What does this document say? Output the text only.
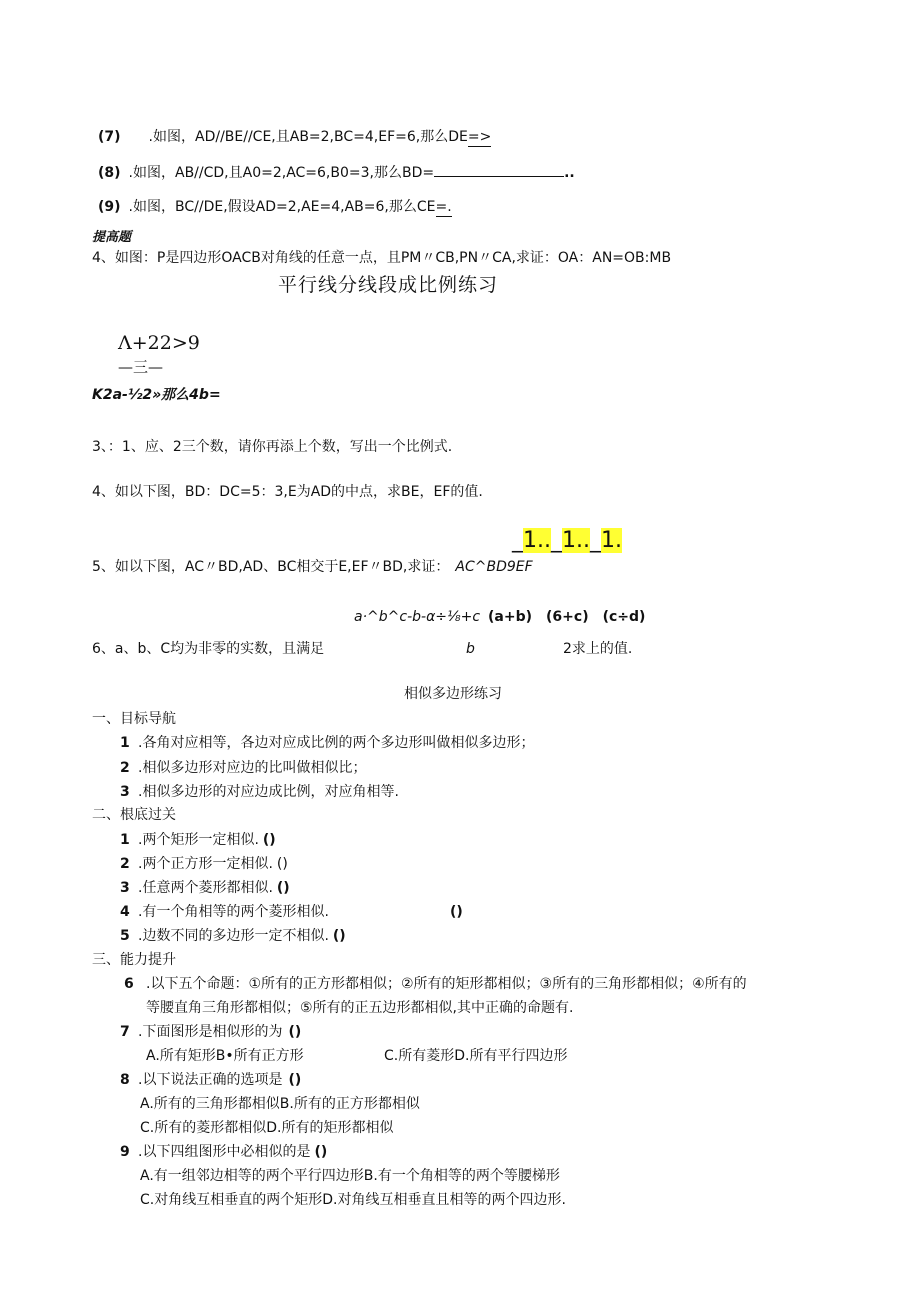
(7) .如图，AD//BE//CE,且AB=2,BC=4,EF=6,那么DE=>
(8) .如图，AB//CD,且A0=2,AC=6,B0=3,那么BD=	..
(9) .如图，BC//DE,假设AD=2,AE=4,AB=6,那么CE=.
提高题
4、如图：P是四边形OACB对角线的任意一点，且PM〃CB,PN〃CA,求证：OA：AN=OB:MB
平行线分线段成比例练习
Λ+22>9
—三—
K2a-½2»那么4b=
3、：1、应、2三个数，请你再添上个数，写出一个比例式.
4、如以下图，BD：DC=5：3,E为AD的中点，求BE，EF的值.
_1.._1.._1.
5、如以下图，AC〃BD,AD、BC相交于E,EF〃BD,求证： AC^BD9EF
a·^b^c-b-α÷⅛+c (a+b)　(6+c)　(c÷d)
6、a、b、C均为非零的实数，且满足	b	2求上的值.
相似多边形练习
一、目标导航
1 .各角对应相等，各边对应成比例的两个多边形叫做相似多边形；
2 .相似多边形对应边的比叫做相似比；
3 .相似多边形的对应边成比例，对应角相等.
二、根底过关
1 .两个矩形一定相似. ()
2 .两个正方形一定相似. ()
3 .任意两个菱形都相似. ()
4 .有一个角相等的两个菱形相似.	()
5 .边数不同的多边形一定不相似. ()
三、能力提升
6 .以下五个命题：①所有的正方形都相似；②所有的矩形都相似；③所有的三角形都相似；④所有的
等腰直角三角形都相似；⑤所有的正五边形都相似,其中正确的命题有.
7 .下面图形是相似形的为 ()
A.所有矩形B•所有正方形	C.所有菱形D.所有平行四边形
8 .以下说法正确的选项是 ()
A.所有的三角形都相似B.所有的正方形都相似
C.所有的菱形都相似D.所有的矩形都相似
9 .以下四组图形中必相似的是 ()
A.有一组邻边相等的两个平行四边形B.有一个角相等的两个等腰梯形
C.对角线互相垂直的两个矩形D.对角线互相垂直且相等的两个四边形.
